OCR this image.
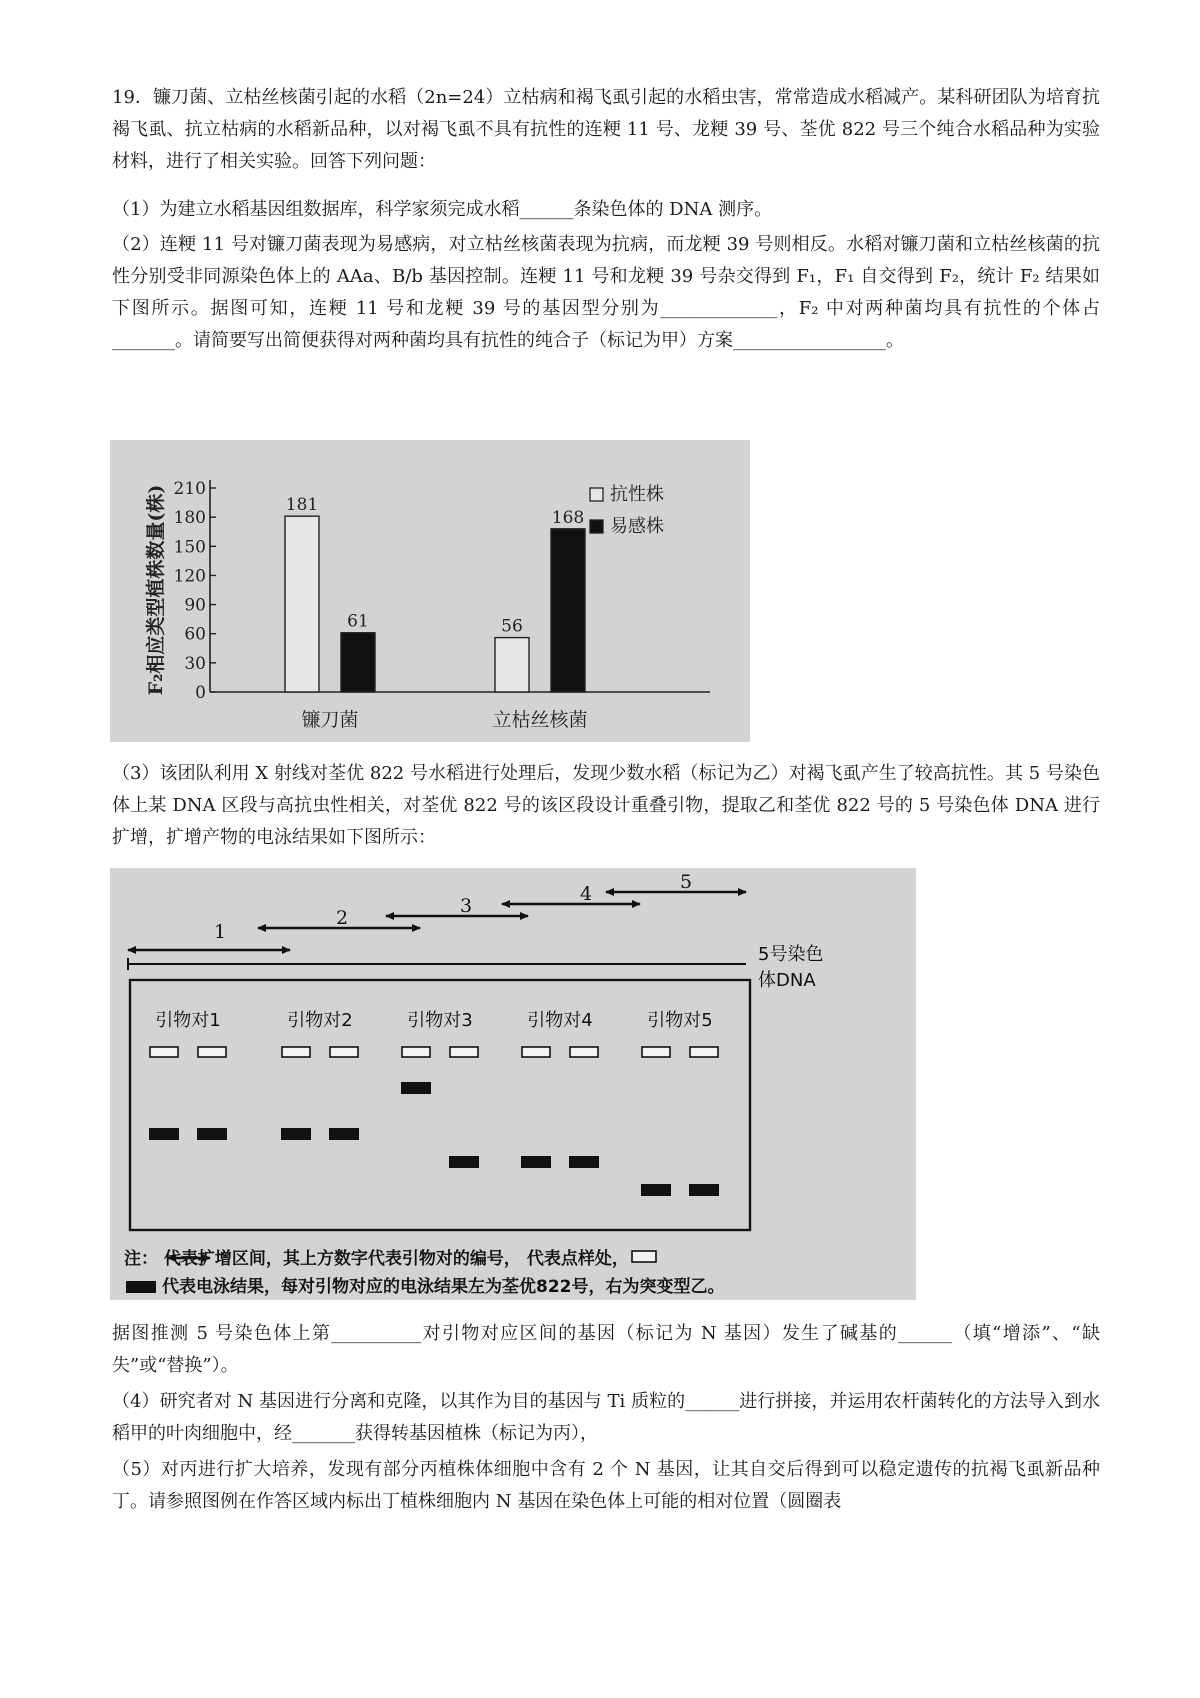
19．镰刀菌、立枯丝核菌引起的水稻（2n=24）立枯病和褐飞虱引起的水稻虫害，常常造成水稻减产。某科研团队为培育抗褐飞虱、抗立枯病的水稻新品种，以对褐飞虱不具有抗性的连粳 11 号、龙粳 39 号、荃优 822 号三个纯合水稻品种为实验材料，进行了相关实验。回答下列问题：

（1）为建立水稻基因组数据库，科学家须完成水稻______条染色体的 DNA 测序。

（2）连粳 11 号对镰刀菌表现为易感病，对立枯丝核菌表现为抗病，而龙粳 39 号则相反。水稻对镰刀菌和立枯丝核菌的抗性分别受非同源染色体上的 AAa、B/b 基因控制。连粳 11 号和龙粳 39 号杂交得到 F₁，F₁ 自交得到 F₂，统计 F₂ 结果如下图所示。据图可知，连粳 11 号和龙粳 39 号的基因型分别为_____________，F₂ 中对两种菌均具有抗性的个体占_______。请简要写出简便获得对两种菌均具有抗性的纯合子（标记为甲）方案_________________。

0
30
60
90
120
150
180
210
F₂相应类型植株数量(株)	181
61
镰刀菌
56
168
立枯丝核菌
抗性株
易感株

（3）该团队利用 X 射线对荃优 822 号水稻进行处理后，发现少数水稻（标记为乙）对褐飞虱产生了较高抗性。其 5 号染色体上某 DNA 区段与高抗虫性相关，对荃优 822 号的该区段设计重叠引物，提取乙和荃优 822 号的 5 号染色体 DNA 进行扩增，扩增产物的电泳结果如下图所示：

1
2
3
4
5
5号染色
体DNA
引物对1	引物对2	引物对3	引物对4	引物对5
注： 代表扩增区间，其上方数字代表引物对的编号， 代表点样处，
代表电泳结果，每对引物对应的电泳结果左为荃优822号，右为突变型乙。

据图推测 5 号染色体上第__________对引物对应区间的基因（标记为 N 基因）发生了碱基的______（填“增添”、“缺失”或“替换”）。

（4）研究者对 N 基因进行分离和克隆，以其作为目的基因与 Ti 质粒的______进行拼接，并运用农杆菌转化的方法导入到水稻甲的叶肉细胞中，经_______获得转基因植株（标记为丙），

（5）对丙进行扩大培养，发现有部分丙植株体细胞中含有 2 个 N 基因，让其自交后得到可以稳定遗传的抗褐飞虱新品种丁。请参照图例在作答区域内标出丁植株细胞内 N 基因在染色体上可能的相对位置（圆圈表
